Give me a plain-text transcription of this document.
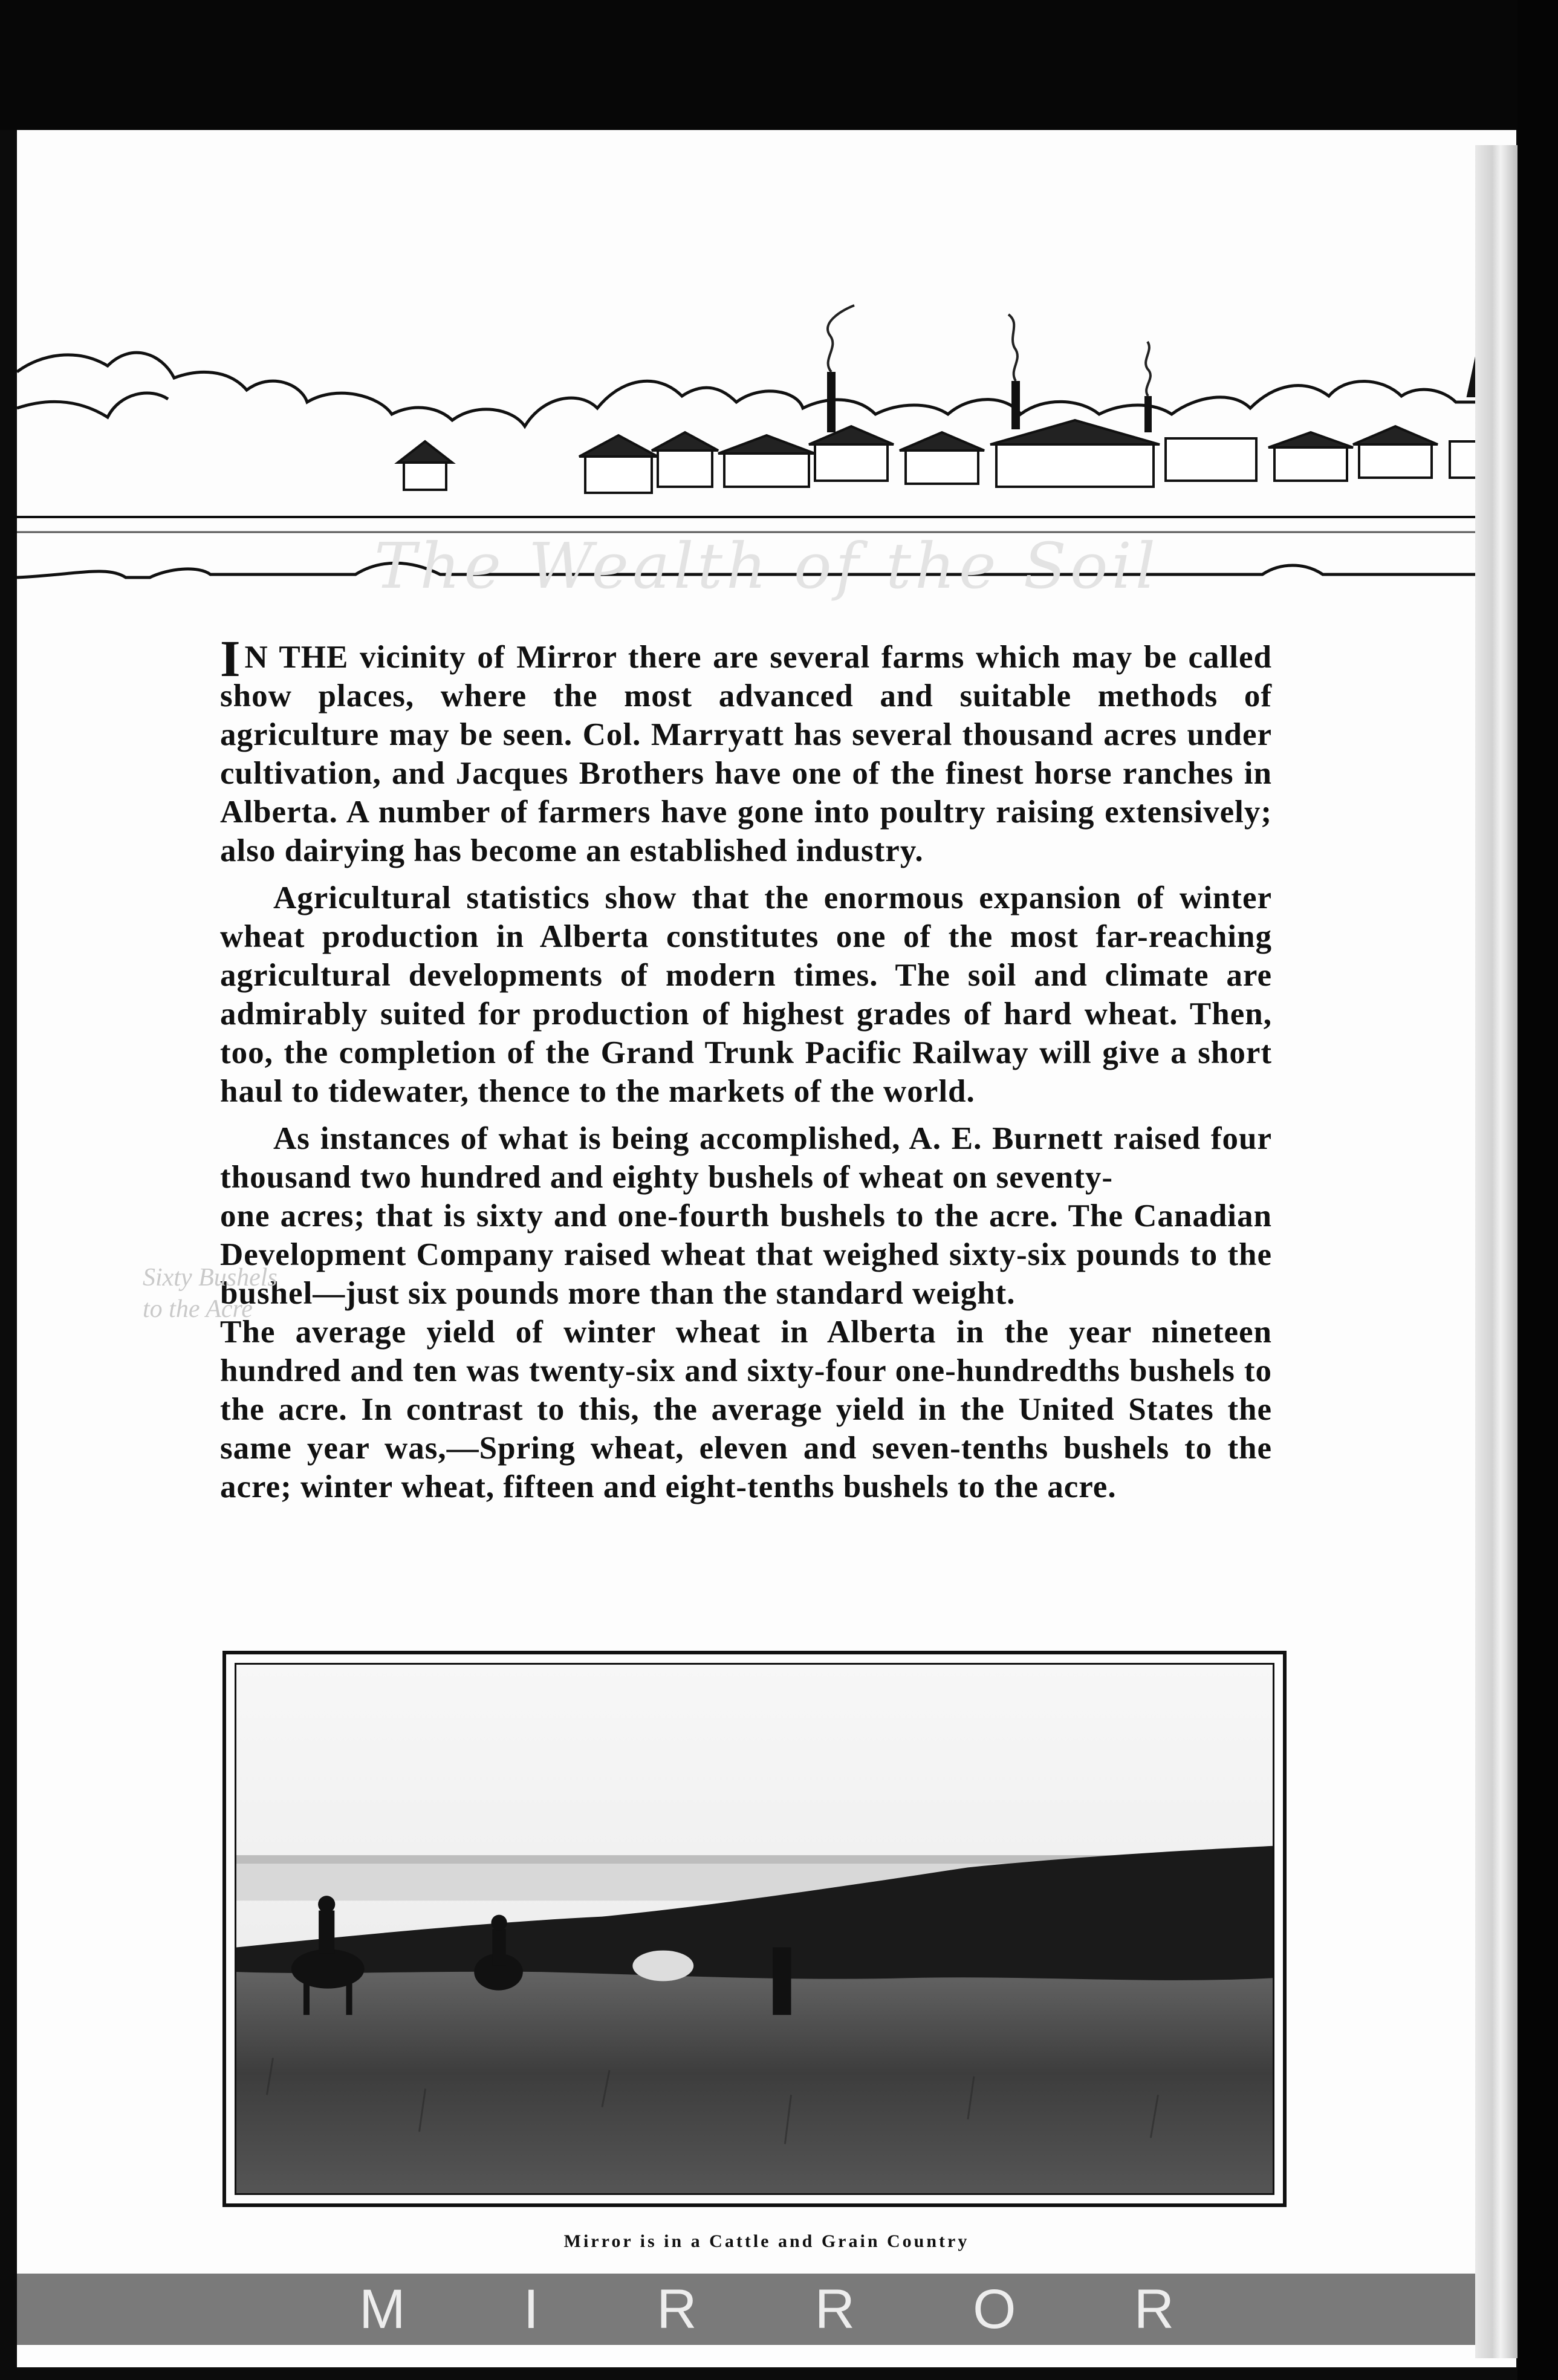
The Wealth of the Soil

I N THE vicinity of Mirror there are several farms which may be called show places, where the most advanced and suitable methods of agriculture may be seen. Col. Marryatt has several thousand acres under cultivation, and Jacques Brothers have one of the finest horse ranches in Alberta. A number of farmers have gone into poultry raising extensively; also dairying has become an established industry.

Agricultural statistics show that the enormous expansion of winter wheat production in Alberta constitutes one of the most far-reaching agricultural developments of modern times. The soil and climate are admirably suited for production of highest grades of hard wheat. Then, too, the completion of the Grand Trunk Pacific Railway will give a short haul to tidewater, thence to the markets of the world.

As instances of what is being accomplished, A. E. Burnett raised four thousand two hundred and eighty bushels of wheat on seventy-

one acres; that is sixty and one-fourth bushels to the acre. The Canadian Development Company raised wheat that weighed sixty-six pounds to the bushel—just six pounds more than the standard weight.

The average yield of winter wheat in Alberta in the year nineteen hundred and ten was twenty-six and sixty-four one-hundredths bushels to the acre. In contrast to this, the average yield in the United States the same year was,—Spring wheat, eleven and seven-tenths bushels to the acre; winter wheat, fifteen and eight-tenths bushels to the acre.

Sixty Bushels to the Acre

Mirror is in a Cattle and Grain Country

MIRROR
